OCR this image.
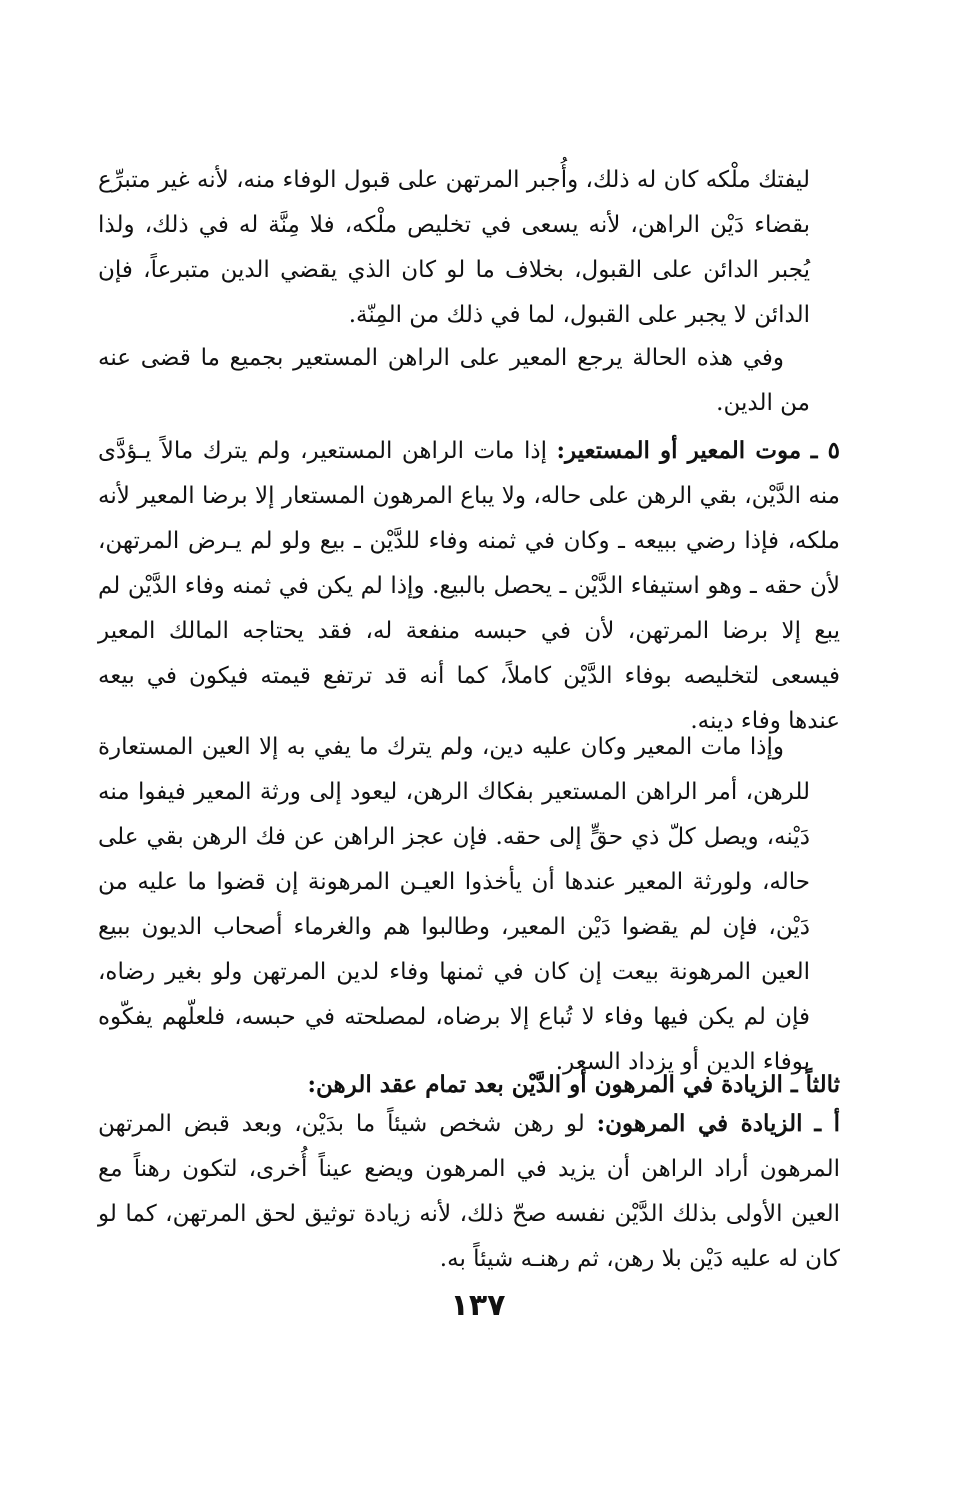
ليفتك ملْكه كان له ذلك، وأُجبر المرتهن على قبول الوفاء منه، لأنه غير متبرِّع بقضاء دَيْن الراهن، لأنه يسعى في تخليص ملْكه، فلا مِنَّة له في ذلك، ولذا يُجبر الدائن على القبول، بخلاف ما لو كان الذي يقضي الدين متبرعاً، فإن الدائن لا يجبر على القبول، لما في ذلك من المِنّة.

وفي هذه الحالة يرجع المعير على الراهن المستعير بجميع ما قضى عنه من الدين.

٥ ـ موت المعير أو المستعير: إذا مات الراهن المستعير، ولم يترك مالاً يـؤدَّى منه الدَّيْن، بقي الرهن على حاله، ولا يباع المرهون المستعار إلا برضا المعير لأنه ملكه، فإذا رضي ببيعه ـ وكان في ثمنه وفاء للدَّيْن ـ بيع ولو لم يـرض المرتهن، لأن حقه ـ وهو استيفاء الدَّيْن ـ يحصل بالبيع. وإذا لم يكن في ثمنه وفاء الدَّيْن لم يبع إلا برضا المرتهن، لأن في حبسه منفعة له، فقد يحتاجه المالك المعير فيسعى لتخليصه بوفاء الدَّيْن كاملاً، كما أنه قد ترتفع قيمته فيكون في بيعه عندها وفاء دينه.

وإذا مات المعير وكان عليه دين، ولم يترك ما يفي به إلا العين المستعارة للرهن، أمر الراهن المستعير بفكاك الرهن، ليعود إلى ورثة المعير فيفوا منه دَيْنه، ويصل كلّ ذي حقٍّ إلى حقه. فإن عجز الراهن عن فك الرهن بقي على حاله، ولورثة المعير عندها أن يأخذوا العيـن المرهونة إن قضوا ما عليه من دَيْن، فإن لم يقضوا دَيْن المعير، وطالبوا هم والغرماء أصحاب الديون ببيع العين المرهونة بيعت إن كان في ثمنها وفاء لدين المرتهن ولو بغير رضاه، فإن لم يكن فيها وفاء لا تُباع إلا برضاه، لمصلحته في حبسه، فلعلّهم يفكّوه بوفاء الدين أو يزداد السعر.

ثالثاً ـ الزيادة في المرهون أو الدَّيْن بعد تمام عقد الرهن:

أ ـ الزيادة في المرهون: لو رهن شخص شيئاً ما بدَيْن، وبعد قبض المرتهن المرهون أراد الراهن أن يزيد في المرهون ويضع عيناً أُخرى، لتكون رهناً مع العين الأولى بذلك الدَّيْن نفسه صحّ ذلك، لأنه زيادة توثيق لحق المرتهن، كما لو كان له عليه دَيْن بلا رهن، ثم رهنـه شيئاً به.

١٣٧
